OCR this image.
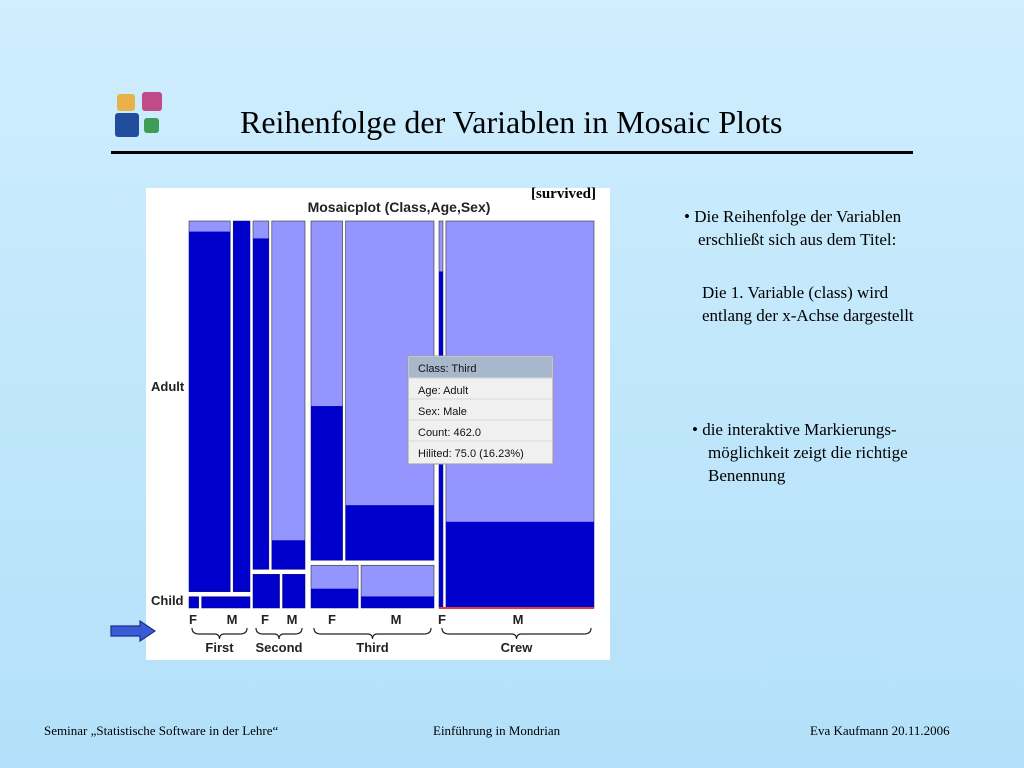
Reihenfolge der Variablen in Mosaic Plots
Mosaicplot (Class,Age,Sex)
Adult
Child
F M
First
F M
Second
F	M
Third
F	M
Crew
Class: Third
Age: Adult
Sex: Male
Count: 462.0
Hilited: 75.0 (16.23%)
[survived]
• Die Reihenfolge der Variablen
erschließt sich aus dem Titel:
Die 1. Variable (class) wird
entlang der x-Achse dargestellt
• die interaktive Markierungs-
möglichkeit zeigt die richtige
Benennung
Seminar „Statistische Software in der Lehre“	Einführung in Mondrian	Eva Kaufmann 20.11.2006
